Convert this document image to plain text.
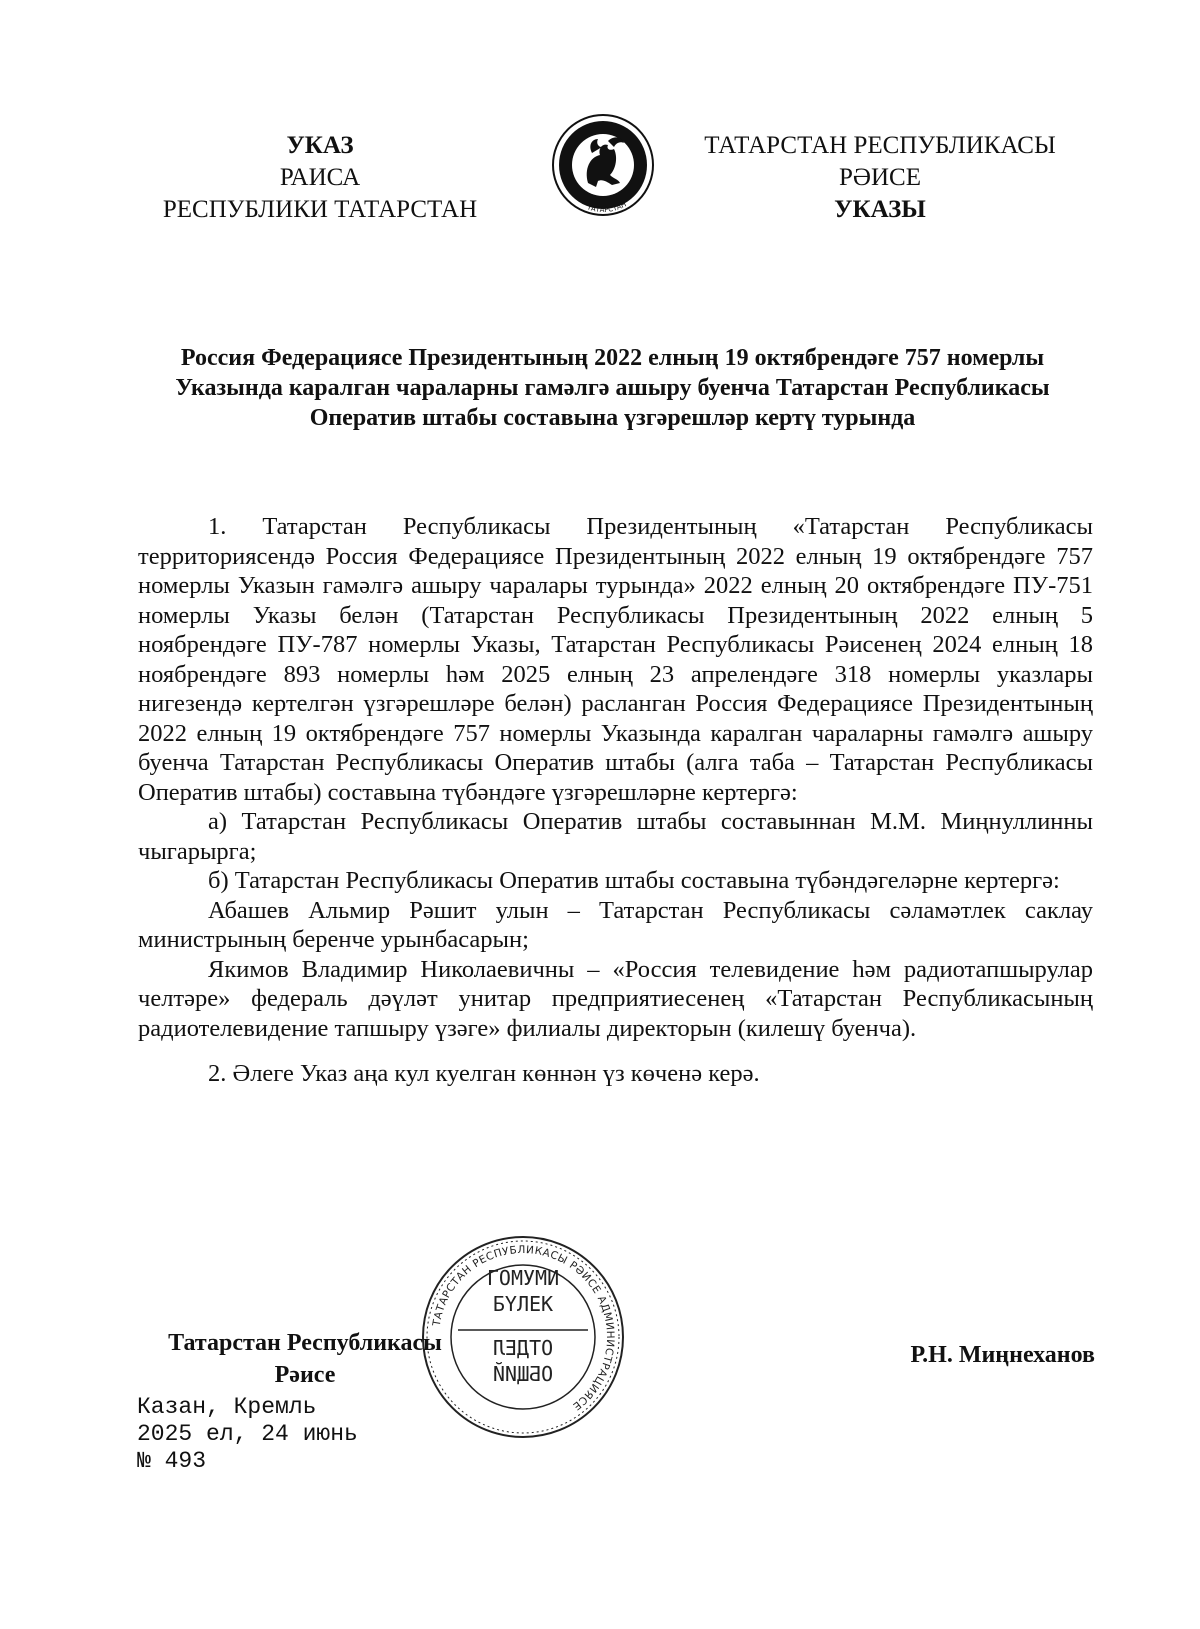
УКАЗ
РАИСА
РЕСПУБЛИКИ ТАТАРСТАН	ТАТАРСТАН
ТАТАРСТАН РЕСПУБЛИКАСЫ
РӘИСЕ
УКАЗЫ
Россия Федерациясе Президентының 2022 елның 19 октябрендәге 757 номерлы Указында каралган чараларны гамәлгә ашыру буенча Татарстан Республикасы Оператив штабы составына үзгәрешләр кертү турында

1. Татарстан Республикасы Президентының «Татарстан Республикасы территориясендә Россия Федерациясе Президентының 2022 елның 19 октябрендәге 757 номерлы Указын гамәлгә ашыру чаралары турында» 2022 елның 20 октябрендәге ПУ-751 номерлы Указы белән (Татарстан Республикасы Президентының 2022 елның 5 ноябрендәге ПУ-787 номерлы Указы, Татарстан Республикасы Рәисенең 2024 елның 18 ноябрендәге 893 номерлы һәм 2025 елның 23 апрелендәге 318 номерлы указлары нигезендә кертелгән үзгәрешләре белән) расланган Россия Федерациясе Президентының 2022 елның 19 октябрендәге 757 номерлы Указында каралган чараларны гамәлгә ашыру буенча Татарстан Республикасы Оператив штабы (алга таба – Татарстан Республикасы Оператив штабы) составына түбәндәге үзгәрешләрне кертергә:

а) Татарстан Республикасы Оператив штабы составыннан М.М. Миңнуллинны чыгарырга;

б) Татарстан Республикасы Оператив штабы составына түбәндәгеләрне кертергә:

Абашев Альмир Рәшит улын – Татарстан Республикасы сәламәтлек саклау министрының беренче урынбасарын;

Якимов Владимир Николаевичны – «Россия телевидение һәм радиотапшырулар челтәре» федераль дәүләт унитар предприятиесенең «Татарстан Республикасының радиотелевидение тапшыру үзәге» филиалы директорын (килешү буенча).

2. Әлеге Указ аңа кул куелган көннән үз көченә керә.

ТАТАРСТАН РЕСПУБЛИКАСЫ РӘИСЕ АДМИНИСТРАЦИЯСЕ
ГОМУМИ
БҮЛЕК
ОТДЕЛ
ОБЩИЙ
Татарстан Республикасы
Рәисе
Р.Н. Миңнеханов
Казан, Кремль
2025 ел, 24 июнь
№ 493
